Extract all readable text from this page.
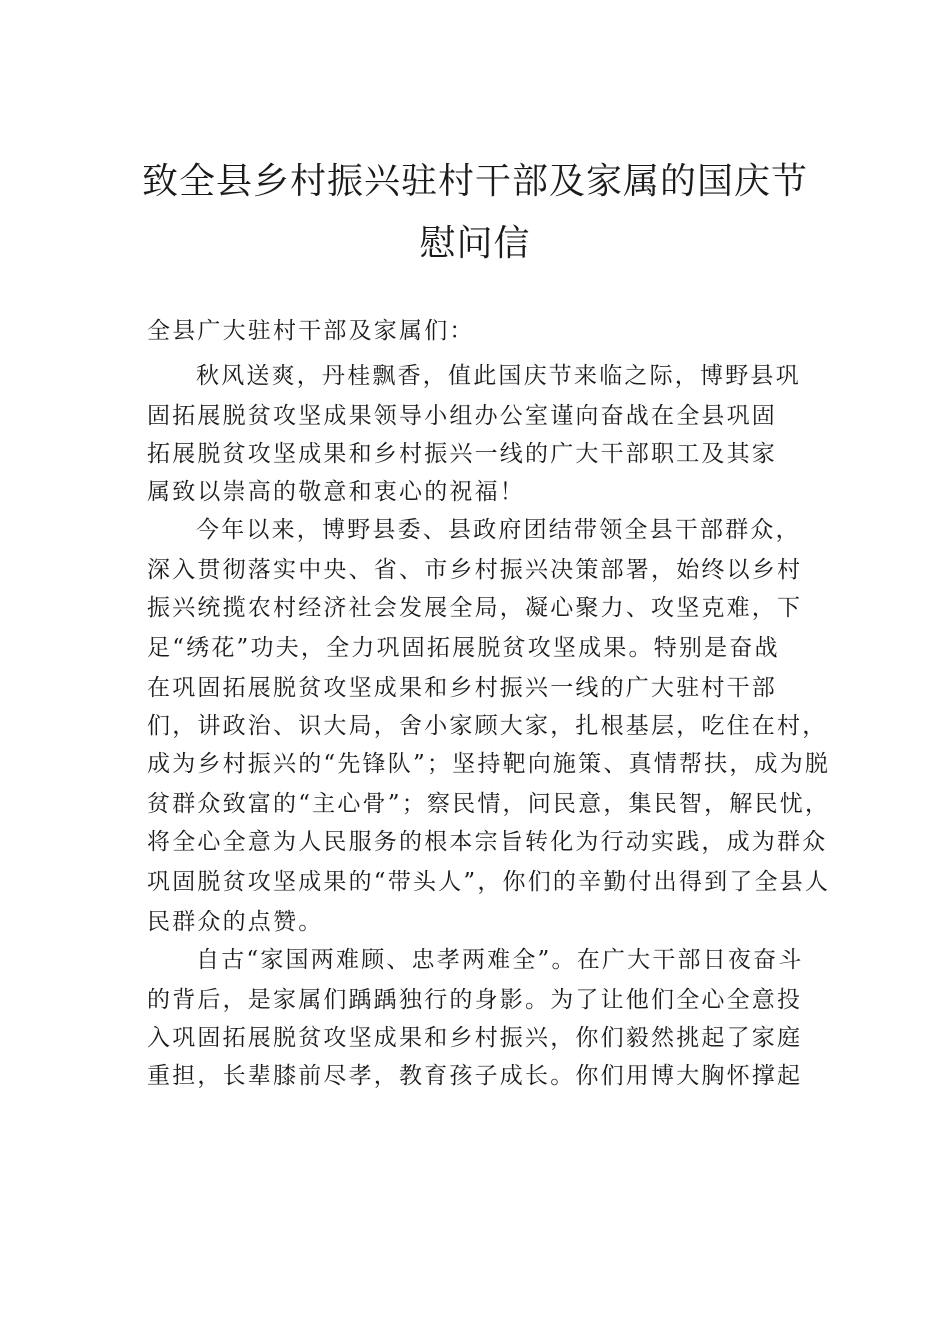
致全县乡村振兴驻村干部及家属的国庆节
慰问信

全县广大驻村干部及家属们：

秋风送爽，丹桂飘香，值此国庆节来临之际，博野县巩

固拓展脱贫攻坚成果领导小组办公室谨向奋战在全县巩固

拓展脱贫攻坚成果和乡村振兴一线的广大干部职工及其家

属致以崇高的敬意和衷心的祝福！

今年以来，博野县委、县政府团结带领全县干部群众，

深入贯彻落实中央、省、市乡村振兴决策部署，始终以乡村

振兴统揽农村经济社会发展全局，凝心聚力、攻坚克难，下

足“绣花”功夫，全力巩固拓展脱贫攻坚成果。特别是奋战

在巩固拓展脱贫攻坚成果和乡村振兴一线的广大驻村干部

们，讲政治、识大局，舍小家顾大家，扎根基层，吃住在村，

成为乡村振兴的“先锋队”；坚持靶向施策、真情帮扶，成为脱

贫群众致富的“主心骨”；察民情，问民意，集民智，解民忧，

将全心全意为人民服务的根本宗旨转化为行动实践，成为群众

巩固脱贫攻坚成果的“带头人”，你们的辛勤付出得到了全县人

民群众的点赞。

自古“家国两难顾、忠孝两难全”。在广大干部日夜奋斗

的背后，是家属们踽踽独行的身影。为了让他们全心全意投

入巩固拓展脱贫攻坚成果和乡村振兴，你们毅然挑起了家庭

重担，长辈膝前尽孝，教育孩子成长。你们用博大胸怀撑起
